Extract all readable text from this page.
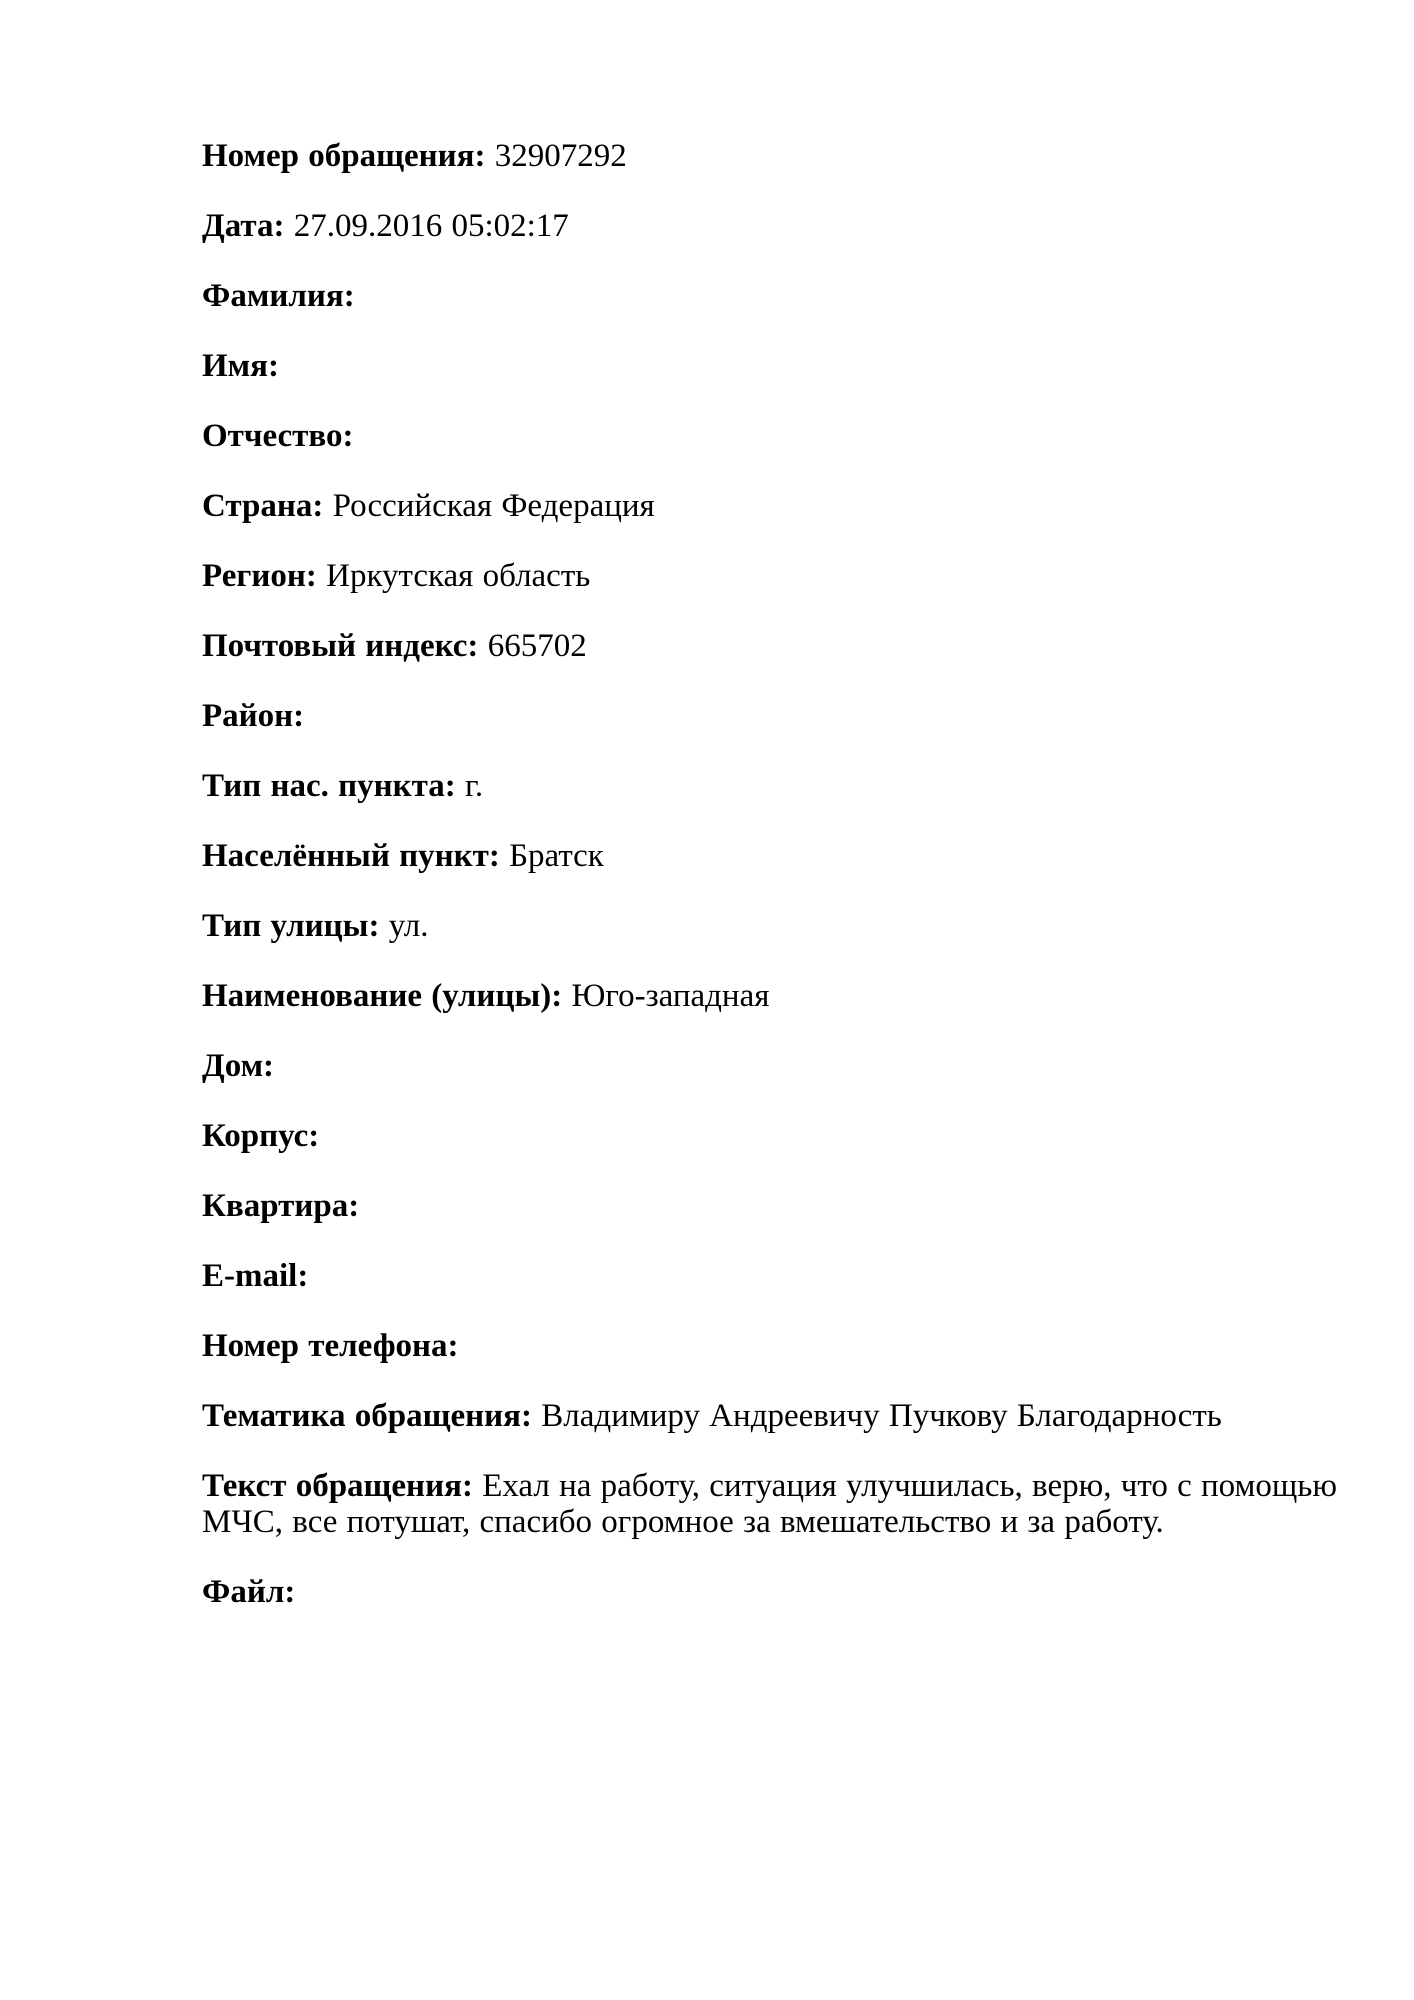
Номер обращения: 32907292

Дата: 27.09.2016 05:02:17

Фамилия:

Имя:

Отчество:

Страна: Российская Федерация

Регион: Иркутская область

Почтовый индекс: 665702

Район:

Тип нас. пункта: г.

Населённый пункт: Братск

Тип улицы: ул.

Наименование (улицы): Юго-западная

Дом:

Корпус:

Квартира:

E-mail:

Номер телефона:

Тематика обращения: Владимиру Андреевичу Пучкову Благодарность

Текст обращения: Ехал на работу, ситуация улучшилась, верю, что с помощью МЧС, все потушат, спасибо огромное за вмешательство и за работу.

Файл:
